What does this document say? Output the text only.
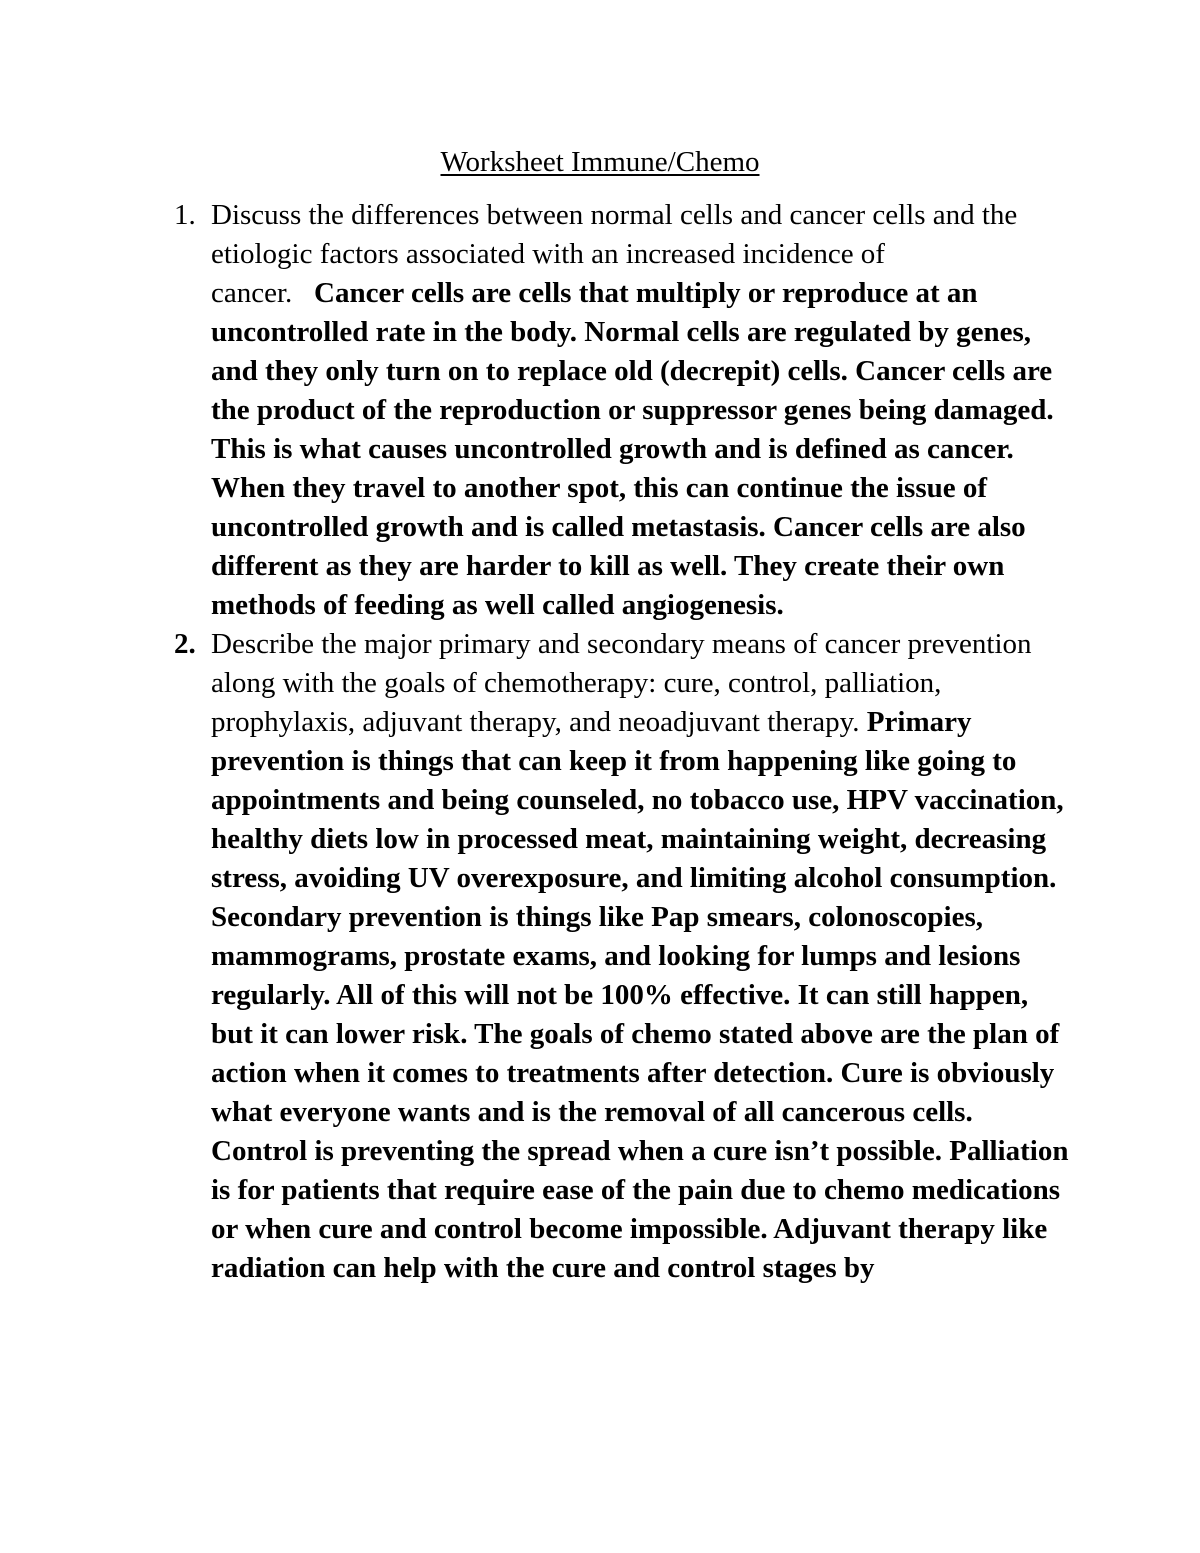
Worksheet Immune/Chemo
1. Discuss the differences between normal cells and cancer cells and the etiologic factors associated with an increased incidence of cancer. Cancer cells are cells that multiply or reproduce at an uncontrolled rate in the body. Normal cells are regulated by genes, and they only turn on to replace old (decrepit) cells. Cancer cells are the product of the reproduction or suppressor genes being damaged. This is what causes uncontrolled growth and is defined as cancer. When they travel to another spot, this can continue the issue of uncontrolled growth and is called metastasis. Cancer cells are also different as they are harder to kill as well. They create their own methods of feeding as well called angiogenesis.
2. Describe the major primary and secondary means of cancer prevention along with the goals of chemotherapy: cure, control, palliation, prophylaxis, adjuvant therapy, and neoadjuvant therapy. Primary prevention is things that can keep it from happening like going to appointments and being counseled, no tobacco use, HPV vaccination, healthy diets low in processed meat, maintaining weight, decreasing stress, avoiding UV overexposure, and limiting alcohol consumption. Secondary prevention is things like Pap smears, colonoscopies, mammograms, prostate exams, and looking for lumps and lesions regularly. All of this will not be 100% effective. It can still happen, but it can lower risk. The goals of chemo stated above are the plan of action when it comes to treatments after detection. Cure is obviously what everyone wants and is the removal of all cancerous cells. Control is preventing the spread when a cure isn’t possible. Palliation is for patients that require ease of the pain due to chemo medications or when cure and control become impossible. Adjuvant therapy like radiation can help with the cure and control stages by
